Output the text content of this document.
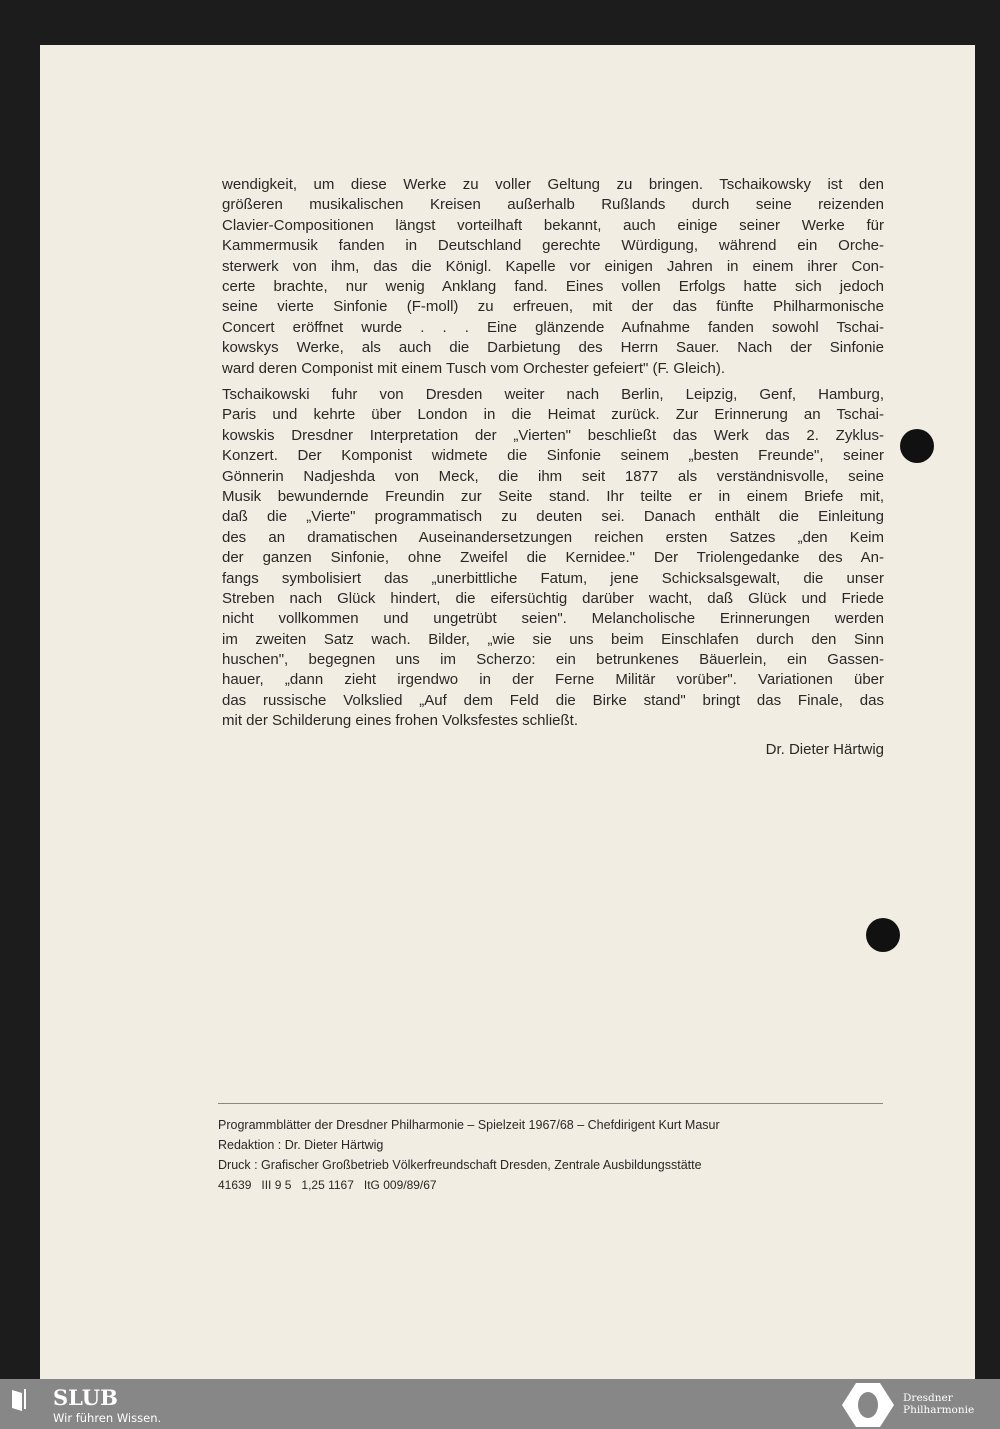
wendigkeit, um diese Werke zu voller Geltung zu bringen. Tschaikowsky ist den
größeren musikalischen Kreisen außerhalb Rußlands durch seine reizenden
Clavier-Compositionen längst vorteilhaft bekannt, auch einige seiner Werke für
Kammermusik fanden in Deutschland gerechte Würdigung, während ein Orche-
sterwerk von ihm, das die Königl. Kapelle vor einigen Jahren in einem ihrer Con-
certe brachte, nur wenig Anklang fand. Eines vollen Erfolgs hatte sich jedoch
seine vierte Sinfonie (F-moll) zu erfreuen, mit der das fünfte Philharmonische
Concert eröffnet wurde . . . Eine glänzende Aufnahme fanden sowohl Tschai-
kowskys Werke, als auch die Darbietung des Herrn Sauer. Nach der Sinfonie
ward deren Componist mit einem Tusch vom Orchester gefeiert" (F. Gleich).
Tschaikowski fuhr von Dresden weiter nach Berlin, Leipzig, Genf, Hamburg,
Paris und kehrte über London in die Heimat zurück. Zur Erinnerung an Tschai-
kowskis Dresdner Interpretation der „Vierten" beschließt das Werk das 2. Zyklus-
Konzert. Der Komponist widmete die Sinfonie seinem „besten Freunde", seiner
Gönnerin Nadjeshda von Meck, die ihm seit 1877 als verständnisvolle, seine
Musik bewundernde Freundin zur Seite stand. Ihr teilte er in einem Briefe mit,
daß die „Vierte" programmatisch zu deuten sei. Danach enthält die Einleitung
des an dramatischen Auseinandersetzungen reichen ersten Satzes „den Keim
der ganzen Sinfonie, ohne Zweifel die Kernidee." Der Triolengedanke des An-
fangs symbolisiert das „unerbittliche Fatum, jene Schicksalsgewalt, die unser
Streben nach Glück hindert, die eifersüchtig darüber wacht, daß Glück und Friede
nicht vollkommen und ungetrübt seien". Melancholische Erinnerungen werden
im zweiten Satz wach. Bilder, „wie sie uns beim Einschlafen durch den Sinn
huschen", begegnen uns im Scherzo: ein betrunkenes Bäuerlein, ein Gassen-
hauer, „dann zieht irgendwo in der Ferne Militär vorüber". Variationen über
das russische Volkslied „Auf dem Feld die Birke stand" bringt das Finale, das
mit der Schilderung eines frohen Volksfestes schließt.
Dr. Dieter Härtwig
Programmblätter der Dresdner Philharmonie – Spielzeit 1967/68 – Chefdirigent Kurt Masur
Redaktion : Dr. Dieter Härtwig
Druck : Grafischer Großbetrieb Völkerfreundschaft Dresden, Zentrale Ausbildungsstätte
41639   III 9 5   1,25 1167   ItG 009/89/67
SLUB
Wir führen Wissen.
Dresdner
Philharmonie
